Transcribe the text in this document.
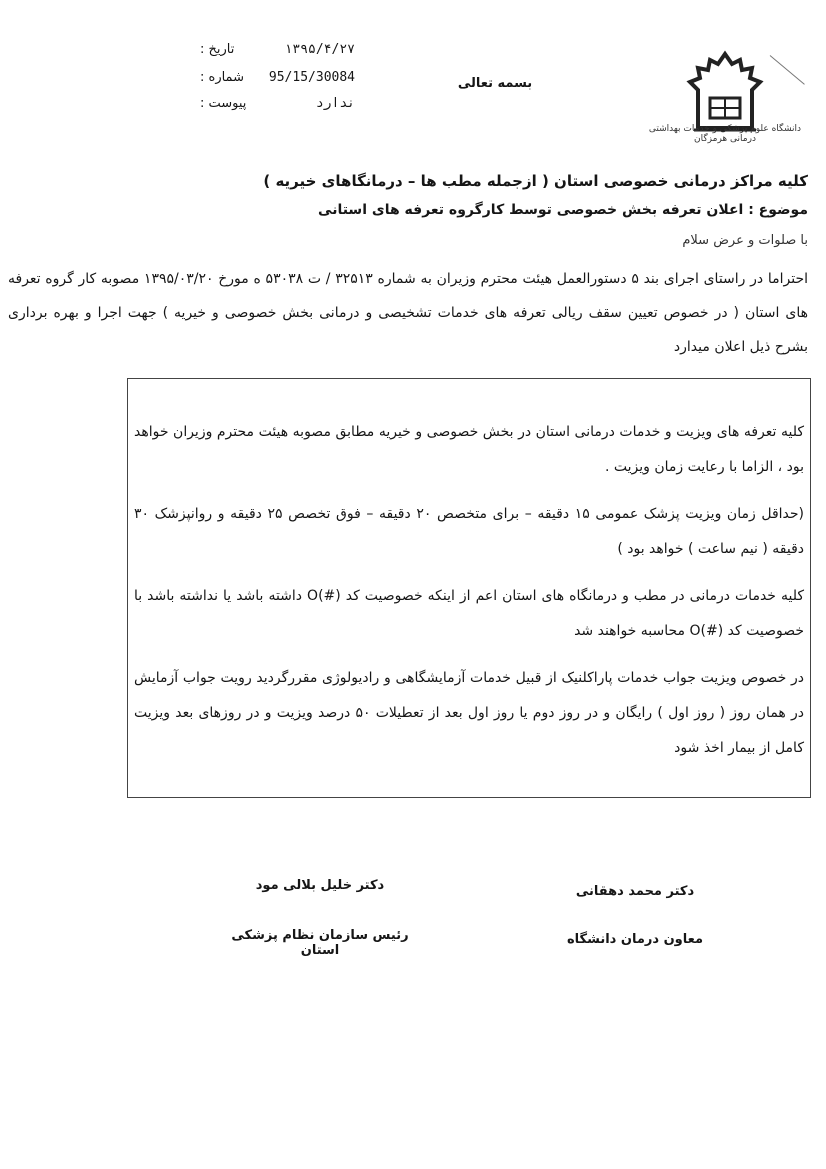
دانشگاه علوم پزشکی و خدمات بهداشتی درمانی هرمزگان
بسمه تعالی
تاریخ :	۱۳۹۵/۴/۲۷
شماره : 95/15/30084
پیوست :	ندارد
کلیه مراکز درمانی خصوصی استان ( ازجمله مطب ها – درمانگاهای خیریه )
موضوع : اعلان تعرفه بخش خصوصی توسط کارگروه تعرفه های استانی
با صلوات و عرض سلام
احتراما در راستای اجرای بند ۵ دستورالعمل هیئت محترم وزیران به شماره ۳۲۵۱۳ / ت ۵۳۰۳۸ ه مورخ ۱۳۹۵/۰۳/۲۰ مصوبه کار گروه تعرفه های استان ( در خصوص تعیین سقف ریالی تعرفه های خدمات تشخیصی و درمانی بخش خصوصی و خیریه ) جهت اجرا و بهره برداری بشرح ذیل اعلان میدارد

کلیه تعرفه های ویزیت و خدمات درمانی استان در بخش خصوصی و خیریه مطابق مصوبه هیئت محترم وزیران خواهد بود ، الزاما با رعایت زمان ویزیت .

(حداقل زمان ویزیت پزشک عمومی ۱۵ دقیقه – برای متخصص ۲۰ دقیقه – فوق تخصص ۲۵ دقیقه و روانپزشک ۳۰ دقیقه ( نیم ساعت ) خواهد بود )

کلیه خدمات درمانی در مطب و درمانگاه های استان اعم از اینکه خصوصیت کد (#)O داشته باشد یا نداشته باشد با خصوصیت کد (#)O محاسبه خواهند شد

در خصوص ویزیت جواب خدمات پاراکلنیک از قبیل خدمات آزمایشگاهی و رادیولوژی مقررگردید رویت جواب آزمایش در همان روز ( روز اول ) رایگان و در روز دوم یا روز اول بعد از تعطیلات ۵۰ درصد ویزیت و در روزهای بعد ویزیت کامل از بیمار اخذ شود

دکتر محمد دهقانی
معاون درمان دانشگاه
دکتر خلیل بلالی مود
رئیس سازمان نظام پزشکی استان
